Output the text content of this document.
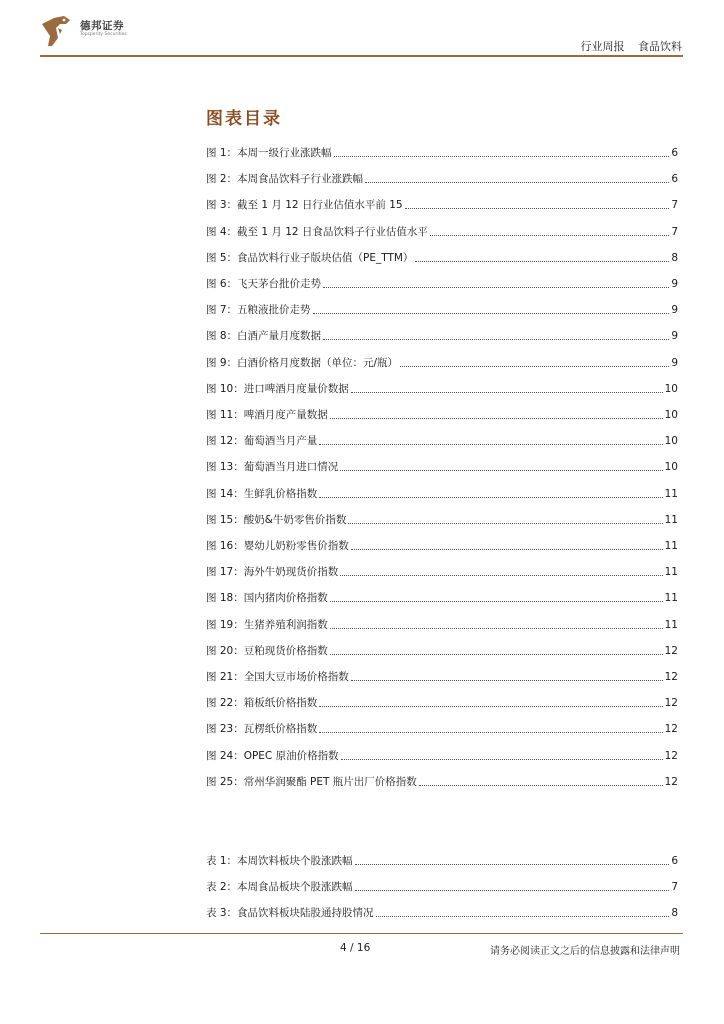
德邦证券
Topsperity Securities
行业周报 食品饮料
图表目录
图 1：本周一级行业涨跌幅	6
图 2：本周食品饮料子行业涨跌幅	6
图 3：截至 1 月 12 日行业估值水平前 15	7
图 4：截至 1 月 12 日食品饮料子行业估值水平	7
图 5：食品饮料行业子版块估值（PE_TTM）	8
图 6：飞天茅台批价走势	9
图 7：五粮液批价走势	9
图 8：白酒产量月度数据	9
图 9：白酒价格月度数据（单位：元/瓶）	9
图 10：进口啤酒月度量价数据	10
图 11：啤酒月度产量数据	10
图 12：葡萄酒当月产量	10
图 13：葡萄酒当月进口情况	10
图 14：生鲜乳价格指数	11
图 15：酸奶&牛奶零售价指数	11
图 16：婴幼儿奶粉零售价指数	11
图 17：海外牛奶现货价指数	11
图 18：国内猪肉价格指数	11
图 19：生猪养殖利润指数	11
图 20：豆粕现货价格指数	12
图 21：全国大豆市场价格指数	12
图 22：箱板纸价格指数	12
图 23：瓦楞纸价格指数	12
图 24：OPEC 原油价格指数	12
图 25：常州华润聚酯 PET 瓶片出厂价格指数	12
表 1：本周饮料板块个股涨跌幅	6
表 2：本周食品板块个股涨跌幅	7
表 3：食品饮料板块陆股通持股情况	8
4 / 16	请务必阅读正文之后的信息披露和法律声明
